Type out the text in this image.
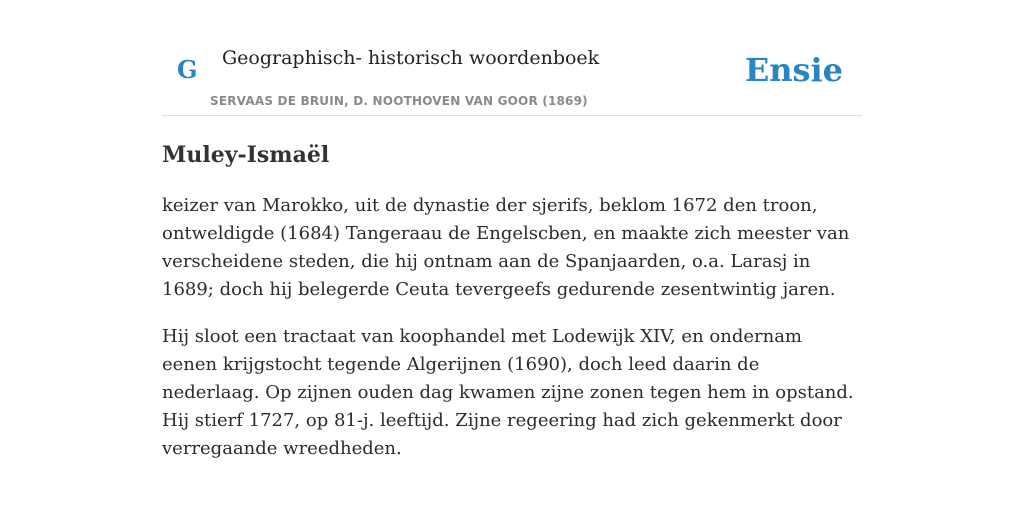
G Geographisch- historisch woordenboek
SERVAAS DE BRUIN, D. NOOTHOVEN VAN GOOR (1869)
Ensie
Muley-Ismaël

keizer van Marokko, uit de dynastie der sjerifs, beklom 1672 den troon, ontweldigde (1684) Tangeraau de Engelscben, en maakte zich meester van verscheidene steden, die hij ontnam aan de Spanjaarden, o.a. Larasj in 1689; doch hij belegerde Ceuta tevergeefs gedurende zesentwintig jaren.

Hij sloot een tractaat van koophandel met Lodewijk XIV, en ondernam eenen krijgstocht tegende Algerijnen (1690), doch leed daarin de nederlaag. Op zijnen ouden dag kwamen zijne zonen tegen hem in opstand. Hij stierf 1727, op 81-j. leeftijd. Zijne regeering had zich gekenmerkt door verregaande wreedheden.
